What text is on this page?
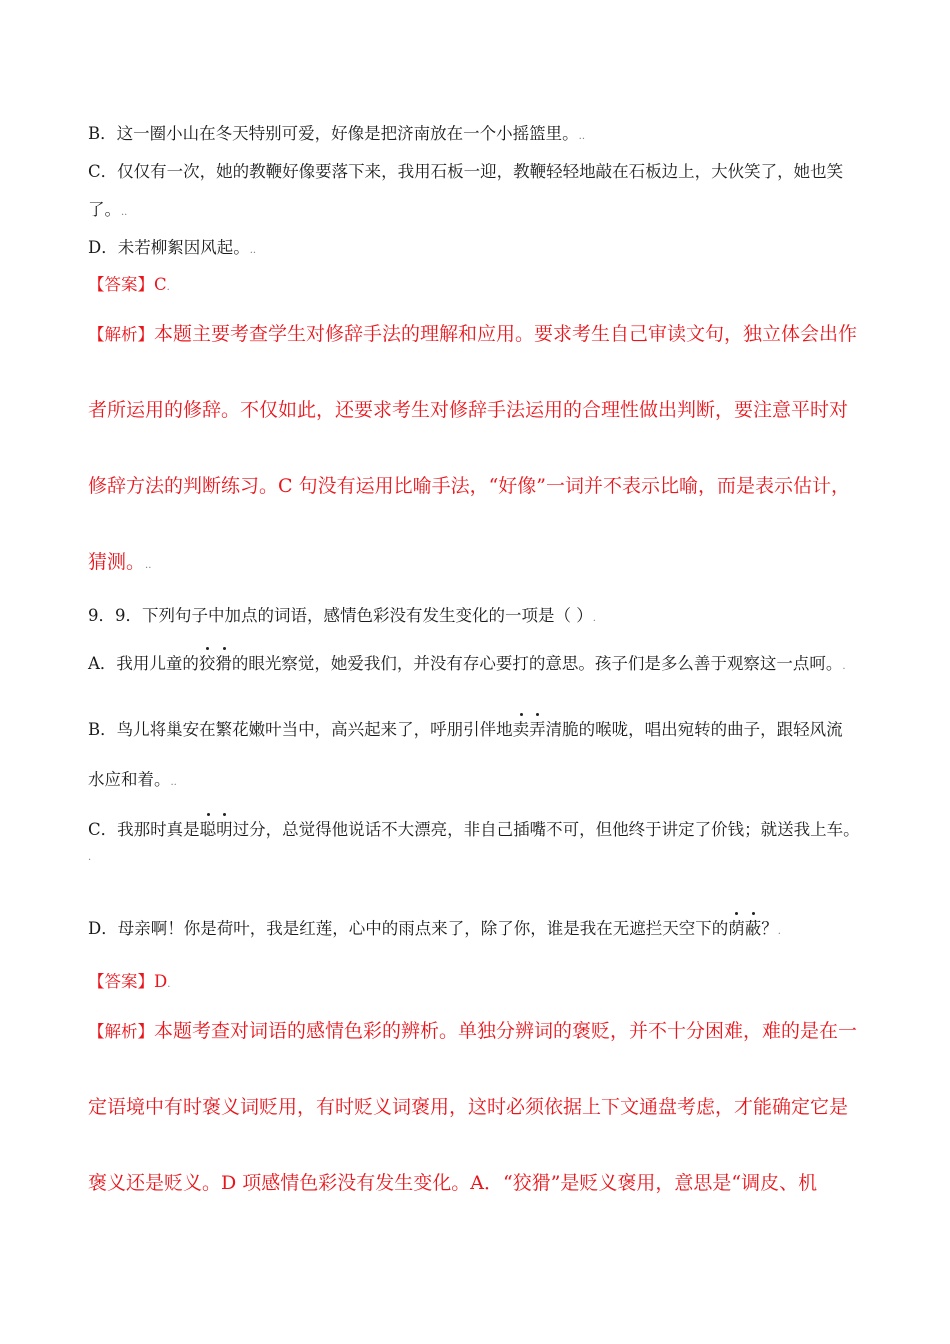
B．这一圈小山在冬天特别可爱，好像是把济南放在一个小摇篮里。..
C．仅仅有一次，她的教鞭好像要落下来，我用石板一迎，教鞭轻轻地敲在石板边上，大伙笑了，她也笑
了。..
D．未若柳絮因风起。..
【答案】C.
【解析】本题主要考查学生对修辞手法的理解和应用。要求考生自己审读文句，独立体会出作
者所运用的修辞。不仅如此，还要求考生对修辞手法运用的合理性做出判断，要注意平时对
修辞方法的判断练习。C 句没有运用比喻手法，“好像”一词并不表示比喻，而是表示估计，
猜测。..
9．9．下列句子中加点的词语，感情色彩没有发生变化的一项是（ ）.
A．我用儿童的狡猾的眼光察觉，她爱我们，并没有存心要打的意思。孩子们是多么善于观察这一点呵。.
B．鸟儿将巢安在繁花嫩叶当中，高兴起来了，呼朋引伴地卖弄清脆的喉咙，唱出宛转的曲子，跟轻风流
水应和着。..
C．我那时真是聪明过分，总觉得他说话不大漂亮，非自己插嘴不可，但他终于讲定了价钱；就送我上车。
.
D．母亲啊！你是荷叶，我是红莲，心中的雨点来了，除了你，谁是我在无遮拦天空下的荫蔽？.
【答案】D.
【解析】本题考查对词语的感情色彩的辨析。单独分辨词的褒贬，并不十分困难，难的是在一
定语境中有时褒义词贬用，有时贬义词褒用，这时必须依据上下文通盘考虑，才能确定它是
褒义还是贬义。D 项感情色彩没有发生变化。A．“狡猾”是贬义褒用，意思是“调皮、机
